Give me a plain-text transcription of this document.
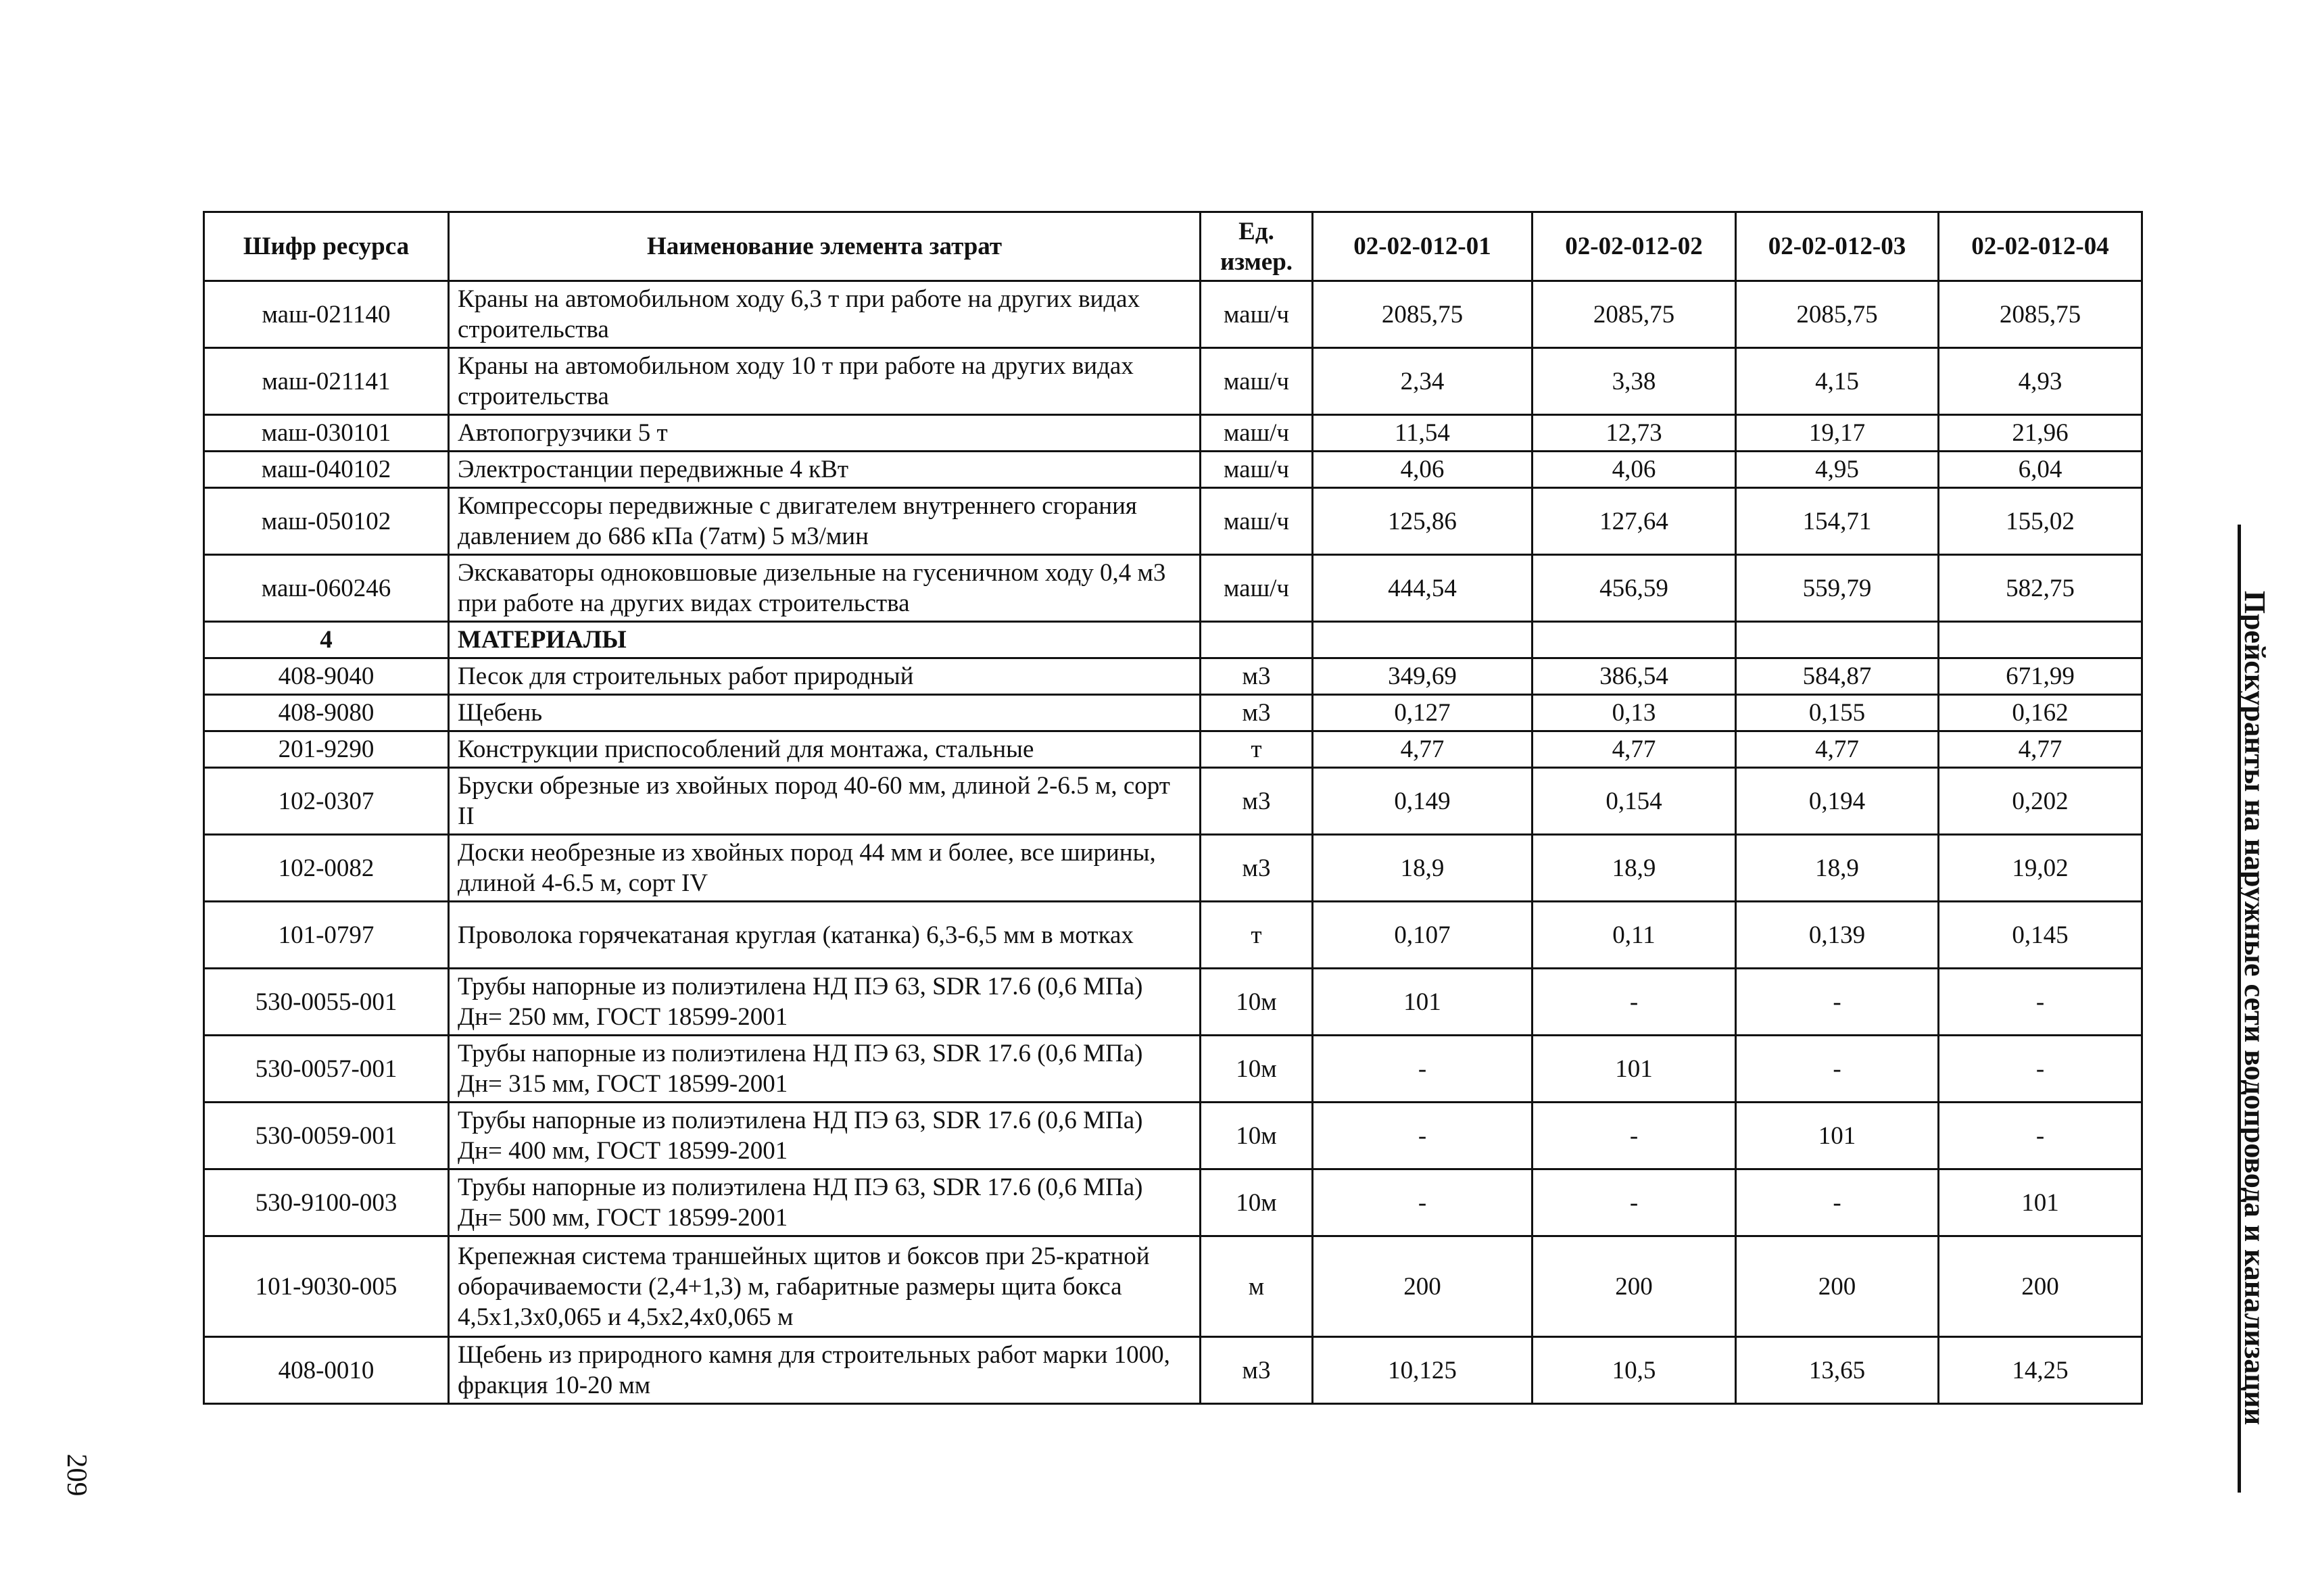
Шифр ресурса	Наименование элемента затрат	Ед. измер.	02-02-012-01	02-02-012-02	02-02-012-03	02-02-012-04
маш-021140	Краны на автомобильном ходу 6,3 т при работе на других видах строительства	маш/ч	2085,75	2085,75	2085,75	2085,75
маш-021141	Краны на автомобильном ходу 10 т при работе на других видах строительства	маш/ч	2,34	3,38	4,15	4,93
маш-030101	Автопогрузчики 5 т	маш/ч	11,54	12,73	19,17	21,96
маш-040102	Электростанции передвижные 4 кВт	маш/ч	4,06	4,06	4,95	6,04
маш-050102	Компрессоры передвижные с двигателем внутреннего сгорания давлением до 686 кПа (7атм) 5 м3/мин	маш/ч	125,86	127,64	154,71	155,02
маш-060246	Экскаваторы одноковшовые дизельные на гусеничном ходу 0,4 м3 при работе на других видах строительства	маш/ч	444,54	456,59	559,79	582,75
4	МАТЕРИАЛЫ					
408-9040	Песок для строительных работ природный	м3	349,69	386,54	584,87	671,99
408-9080	Щебень	м3	0,127	0,13	0,155	0,162
201-9290	Конструкции приспособлений для монтажа, стальные	т	4,77	4,77	4,77	4,77
102-0307	Бруски обрезные из хвойных пород 40-60 мм, длиной 2-6.5 м, сорт II	м3	0,149	0,154	0,194	0,202
102-0082	Доски необрезные из хвойных пород 44 мм и более, все ширины, длиной 4-6.5 м, сорт IV	м3	18,9	18,9	18,9	19,02
101-0797	Проволока горячекатаная круглая (катанка) 6,3-6,5 мм в мотках	т	0,107	0,11	0,139	0,145
530-0055-001	Трубы напорные из полиэтилена НД ПЭ 63, SDR 17.6 (0,6 МПа) Дн= 250 мм, ГОСТ 18599-2001	10м	101	-	-	-
530-0057-001	Трубы напорные из полиэтилена НД ПЭ 63, SDR 17.6 (0,6 МПа) Дн= 315 мм, ГОСТ 18599-2001	10м	-	101	-	-
530-0059-001	Трубы напорные из полиэтилена НД ПЭ 63, SDR 17.6 (0,6 МПа) Дн= 400 мм, ГОСТ 18599-2001	10м	-	-	101	-
530-9100-003	Трубы напорные из полиэтилена НД ПЭ 63, SDR 17.6 (0,6 МПа) Дн= 500 мм, ГОСТ 18599-2001	10м	-	-	-	101
101-9030-005	Крепежная система траншейных щитов и боксов при 25-кратной оборачиваемости (2,4+1,3) м, габаритные размеры щита бокса 4,5x1,3x0,065 и 4,5x2,4x0,065 м	м	200	200	200	200
408-0010	Щебень из природного камня для строительных работ марки 1000, фракция 10-20 мм	м3	10,125	10,5	13,65	14,25	Прейскуранты на наружные сети водопровода и канализации
209
